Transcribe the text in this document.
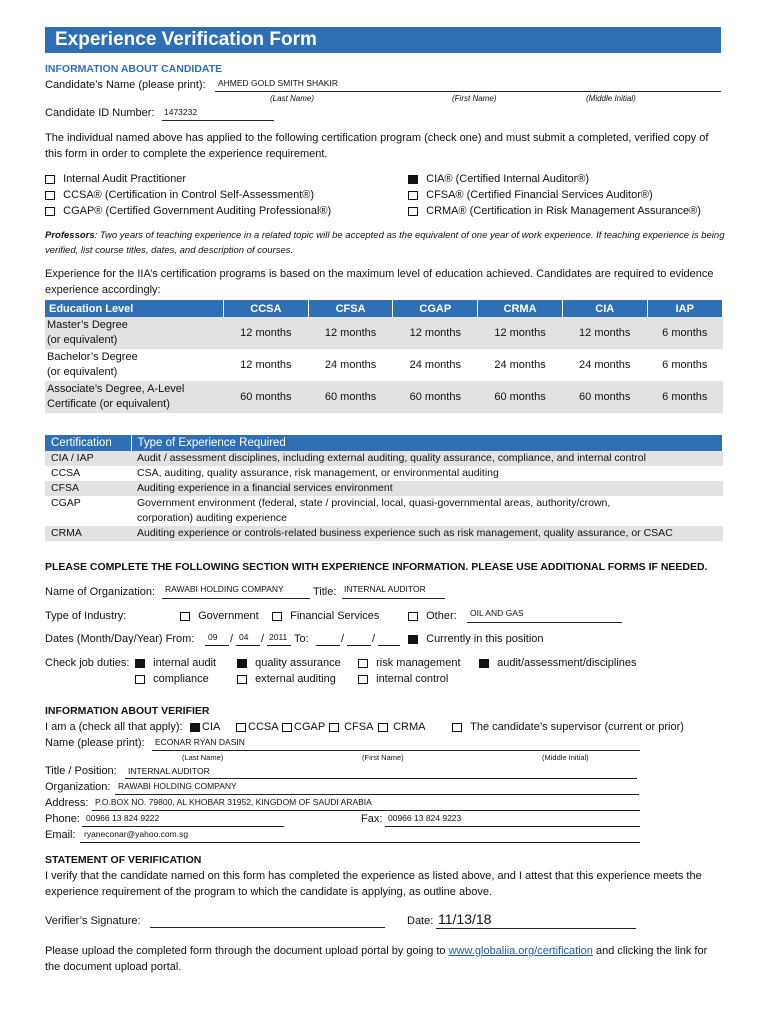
Experience Verification Form
INFORMATION ABOUT CANDIDATE
Candidate’s Name (please print): AHMED GOLD SMITH SHAKIR
(Last Name)	(First Name)	(Middle Initial)
Candidate ID Number: 1473232
The individual named above has applied to the following certification program (check one) and must submit a completed, verified copy of this form in order to complete the experience requirement.
Internal Audit Practitioner	CIA® (Certified Internal Auditor®)
CCSA® (Certification in Control Self-Assessment®)	CFSA® (Certified Financial Services Auditor®)
CGAP® (Certified Government Auditing Professional®)	CRMA® (Certification in Risk Management Assurance®)
Professors: Two years of teaching experience in a related topic will be accepted as the equivalent of one year of work experience. If teaching experience is being verified, list course titles, dates, and description of courses.
Experience for the IIA’s certification programs is based on the maximum level of education achieved. Candidates are required to evidence experience accordingly:
Education Level	CCSA	CFSA	CGAP	CRMA	CIA	IAP
Master’s Degree
(or equivalent)	12 months	12 months	12 months	12 months	12 months	6 months
Bachelor’s Degree
(or equivalent)	12 months	24 months	24 months	24 months	24 months	6 months
Associate’s Degree, A-Level
Certificate (or equivalent)	60 months	60 months	60 months	60 months	60 months	6 months
Certification	Type of Experience Required
CIA / IAP	Audit / assessment disciplines, including external auditing, quality assurance, compliance, and internal control
CCSA	CSA, auditing, quality assurance, risk management, or environmental auditing
CFSA	Auditing experience in a financial services environment
CGAP	Government environment (federal, state / provincial, local, quasi-governmental areas, authority/crown,
corporation) auditing experience
CRMA	Auditing experience or controls-related business experience such as risk management, quality assurance, or CSAC
PLEASE COMPLETE THE FOLLOWING SECTION WITH EXPERIENCE INFORMATION. PLEASE USE ADDITIONAL FORMS IF NEEDED.
Name of Organization: RAWABI HOLDING COMPANY	Title: INTERNAL AUDITOR
Type of Industry:	Government	Financial Services	Other: OIL AND GAS
Dates (Month/Day/Year) From: 09 / 04 / 2011 To:	/	/	Currently in this position
Check job duties:	internal audit	quality assurance	risk management	audit/assessment/disciplines
compliance	external auditing	internal control
INFORMATION ABOUT VERIFIER
I am a (check all that apply):	CIA	CCSA	CGAP	CFSA	CRMA	The candidate’s supervisor (current or prior)
Name (please print): ECONAR RYAN DASIN
(Last Name)	(First Name)	(Middle Initial)
Title / Position: INTERNAL AUDITOR
Organization: RAWABI HOLDING COMPANY
Address: P.O.BOX NO. 79800, AL KHOBAR 31952, KINGDOM OF SAUDI ARABIA
Phone: 00966 13 824 9222	Fax: 00966 13 824 9223
Email: ryaneconar@yahoo.com.sg
STATEMENT OF VERIFICATION
I verify that the candidate named on this form has completed the experience as listed above, and I attest that this experience meets the experience requirement of the program to which the candidate is applying, as outline above.
Verifier’s Signature:	Date: 11/13/18
Please upload the completed form through the document upload portal by going to www.globaliia.org/certification and clicking the link for the document upload portal.
